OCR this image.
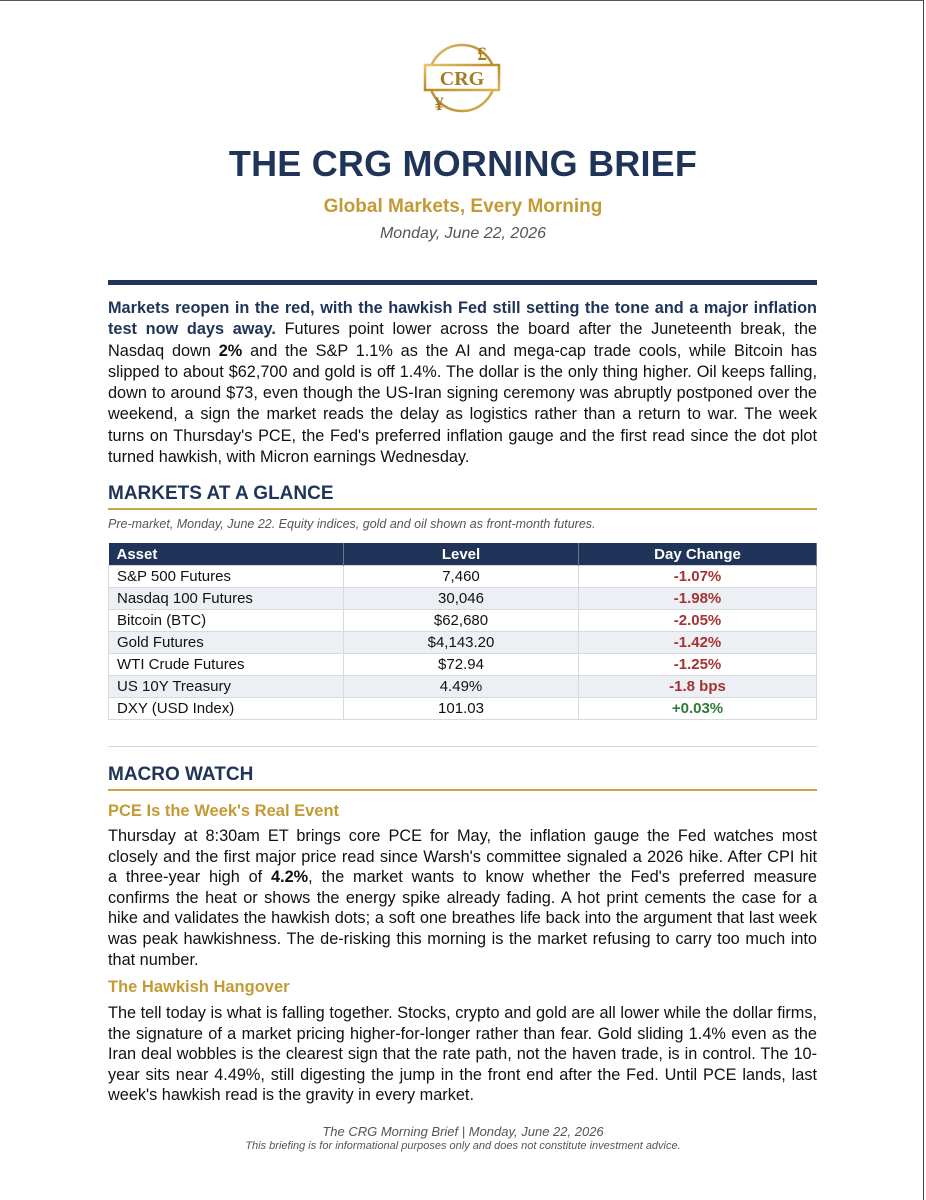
CRG
£
¥
THE CRG MORNING BRIEF
Global Markets, Every Morning
Monday, June 22, 2026
Markets reopen in the red, with the hawkish Fed still setting the tone and a major inflation test now days away. Futures point lower across the board after the Juneteenth break, the Nasdaq down 2% and the S&P 1.1% as the AI and mega-cap trade cools, while Bitcoin has slipped to about $62,700 and gold is off 1.4%. The dollar is the only thing higher. Oil keeps falling, down to around $73, even though the US-Iran signing ceremony was abruptly postponed over the weekend, a sign the market reads the delay as logistics rather than a return to war. The week turns on Thursday's PCE, the Fed's preferred inflation gauge and the first read since the dot plot turned hawkish, with Micron earnings Wednesday.
MARKETS AT A GLANCE
Pre-market, Monday, June 22. Equity indices, gold and oil shown as front-month futures.
Asset	Level	Day Change
S&P 500 Futures	7,460	-1.07%
Nasdaq 100 Futures	30,046	-1.98%
Bitcoin (BTC)	$62,680	-2.05%
Gold Futures	$4,143.20	-1.42%
WTI Crude Futures	$72.94	-1.25%
US 10Y Treasury	4.49%	-1.8 bps
DXY (USD Index)	101.03	+0.03%
MACRO WATCH
PCE Is the Week's Real Event
Thursday at 8:30am ET brings core PCE for May, the inflation gauge the Fed watches most closely and the first major price read since Warsh's committee signaled a 2026 hike. After CPI hit a three-year high of 4.2%, the market wants to know whether the Fed's preferred measure confirms the heat or shows the energy spike already fading. A hot print cements the case for a hike and validates the hawkish dots; a soft one breathes life back into the argument that last week was peak hawkishness. The de-risking this morning is the market refusing to carry too much into that number.
The Hawkish Hangover
The tell today is what is falling together. Stocks, crypto and gold are all lower while the dollar firms, the signature of a market pricing higher-for-longer rather than fear. Gold sliding 1.4% even as the Iran deal wobbles is the clearest sign that the rate path, not the haven trade, is in control. The 10-year sits near 4.49%, still digesting the jump in the front end after the Fed. Until PCE lands, last week's hawkish read is the gravity in every market.
The CRG Morning Brief | Monday, June 22, 2026
This briefing is for informational purposes only and does not constitute investment advice.
